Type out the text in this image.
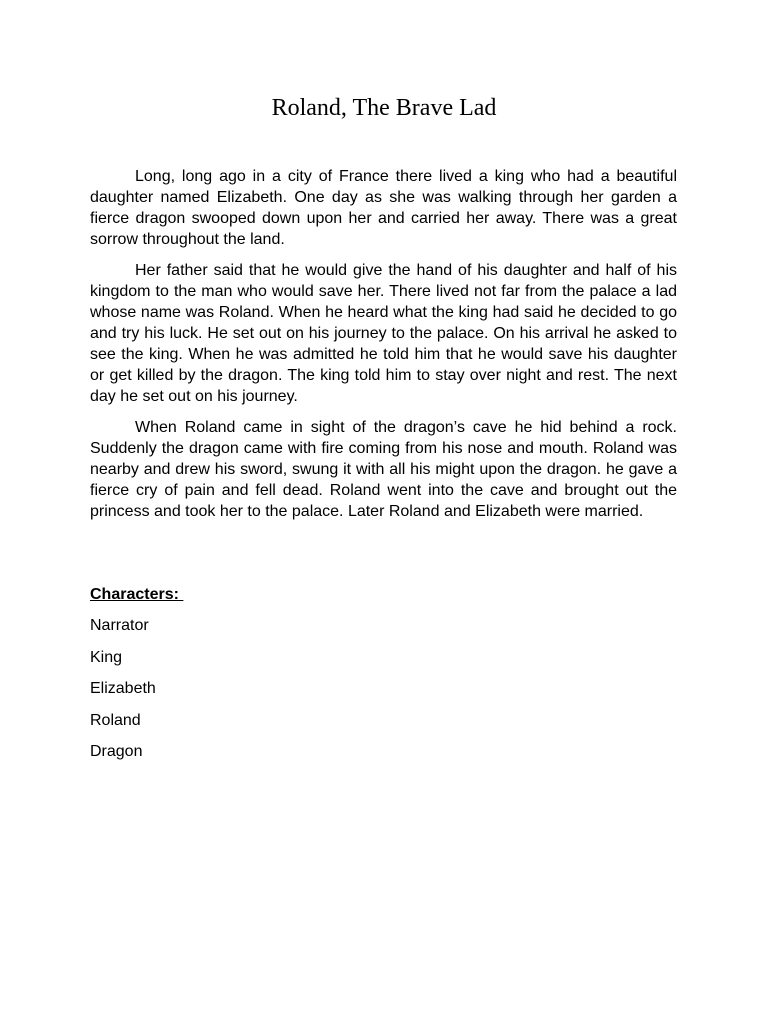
Roland, The Brave Lad

Long, long ago in a city of France there lived a king who had a beautiful daughter named Elizabeth. One day as she was walking through her garden a fierce dragon swooped down upon her and carried her away. There was a great sorrow throughout the land.

Her father said that he would give the hand of his daughter and half of his kingdom to the man who would save her. There lived not far from the palace a lad whose name was Roland. When he heard what the king had said he decided to go and try his luck. He set out on his journey to the palace. On his arrival he asked to see the king. When he was admitted he told him that he would save his daughter or get killed by the dragon. The king told him to stay over night and rest. The next day he set out on his journey.

When Roland came in sight of the dragon’s cave he hid behind a rock. Suddenly the dragon came with fire coming from his nose and mouth. Roland was nearby and drew his sword, swung it with all his might upon the dragon. he gave a fierce cry of pain and fell dead. Roland went into the cave and brought out the princess and took her to the palace. Later Roland and Elizabeth were married.

Characters:
Narrator
King
Elizabeth
Roland
Dragon
